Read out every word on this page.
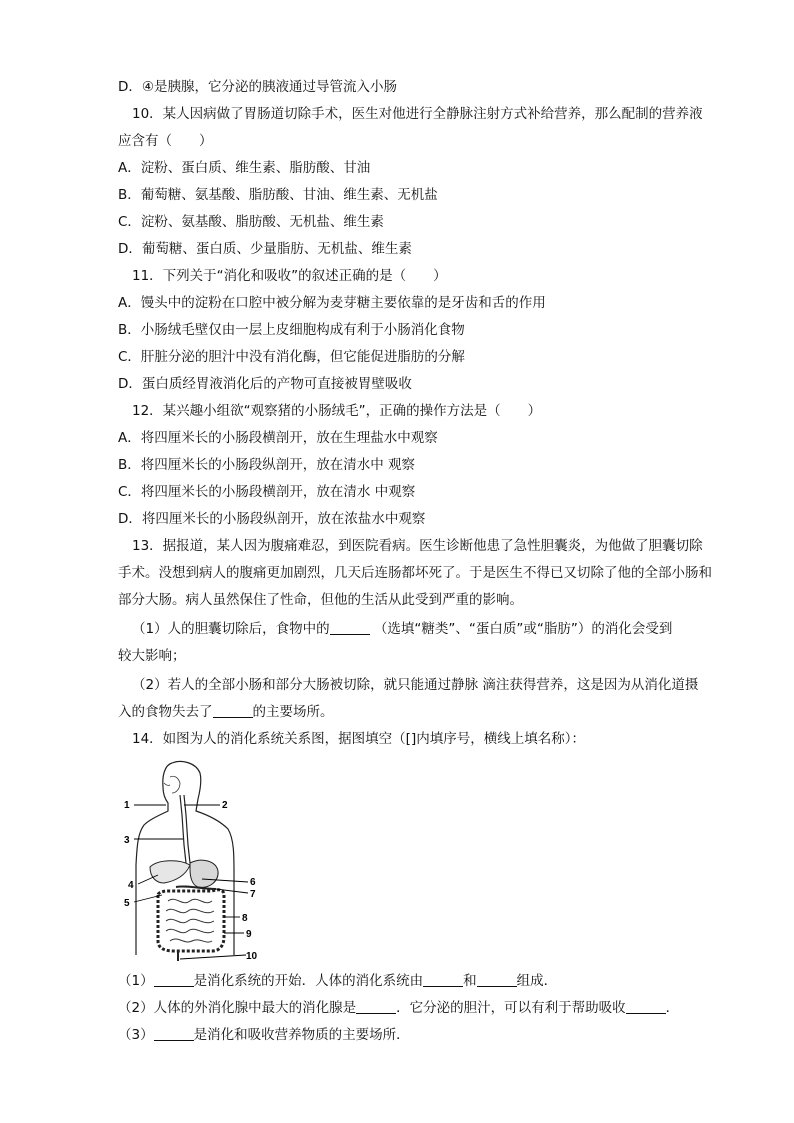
D．④是胰腺，它分泌的胰液通过导管流入小肠
10．某人因病做了胃肠道切除手术，医生对他进行全静脉注射方式补给营养，那么配制的营养液
应含有（　　）
A．淀粉、蛋白质、维生素、脂肪酸、甘油
B．葡萄糖、氨基酸、脂肪酸、甘油、维生素、无机盐
C．淀粉、氨基酸、脂肪酸、无机盐、维生素
D．葡萄糖、蛋白质、少量脂肪、无机盐、维生素
11．下列关于“消化和吸收”的叙述正确的是（　　）
A．馒头中的淀粉在口腔中被分解为麦芽糖主要依靠的是牙齿和舌的作用
B．小肠绒毛壁仅由一层上皮细胞构成有利于小肠消化食物
C．肝脏分泌的胆汁中没有消化酶，但它能促进脂肪的分解
D．蛋白质经胃液消化后的产物可直接被胃壁吸收
12．某兴趣小组欲“观察猪的小肠绒毛”，正确的操作方法是（　　）
A．将四厘米长的小肠段横剖开，放在生理盐水中观察
B．将四厘米长的小肠段纵剖开，放在清水中 观察
C．将四厘米长的小肠段横剖开，放在清水 中观察
D．将四厘米长的小肠段纵剖开，放在浓盐水中观察
13．据报道，某人因为腹痛难忍，到医院看病。医生诊断他患了急性胆囊炎，为他做了胆囊切除
手术。没想到病人的腹痛更加剧烈，几天后连肠都坏死了。于是医生不得已又切除了他的全部小肠和
部分大肠。病人虽然保住了性命，但他的生活从此受到严重的影响。
（1）人的胆囊切除后，食物中的	（选填“糖类”、“蛋白质”或“脂肪”）的消化会受到
较大影响；
（2）若人的全部小肠和部分大肠被切除，就只能通过静脉 滴注获得营养，这是因为从消化道摄
入的食物失去了	的主要场所。
14．如图为人的消化系统关系图，据图填空（[]内填序号，横线上填名称）：
1	2
3
4
5
6
7
8
9
10
（1）	是消化系统的开始．人体的消化系统由	和	组成．
（2）人体的外消化腺中最大的消化腺是	．它分泌的胆汁，可以有利于帮助吸收	．
（3）	是消化和吸收营养物质的主要场所．
